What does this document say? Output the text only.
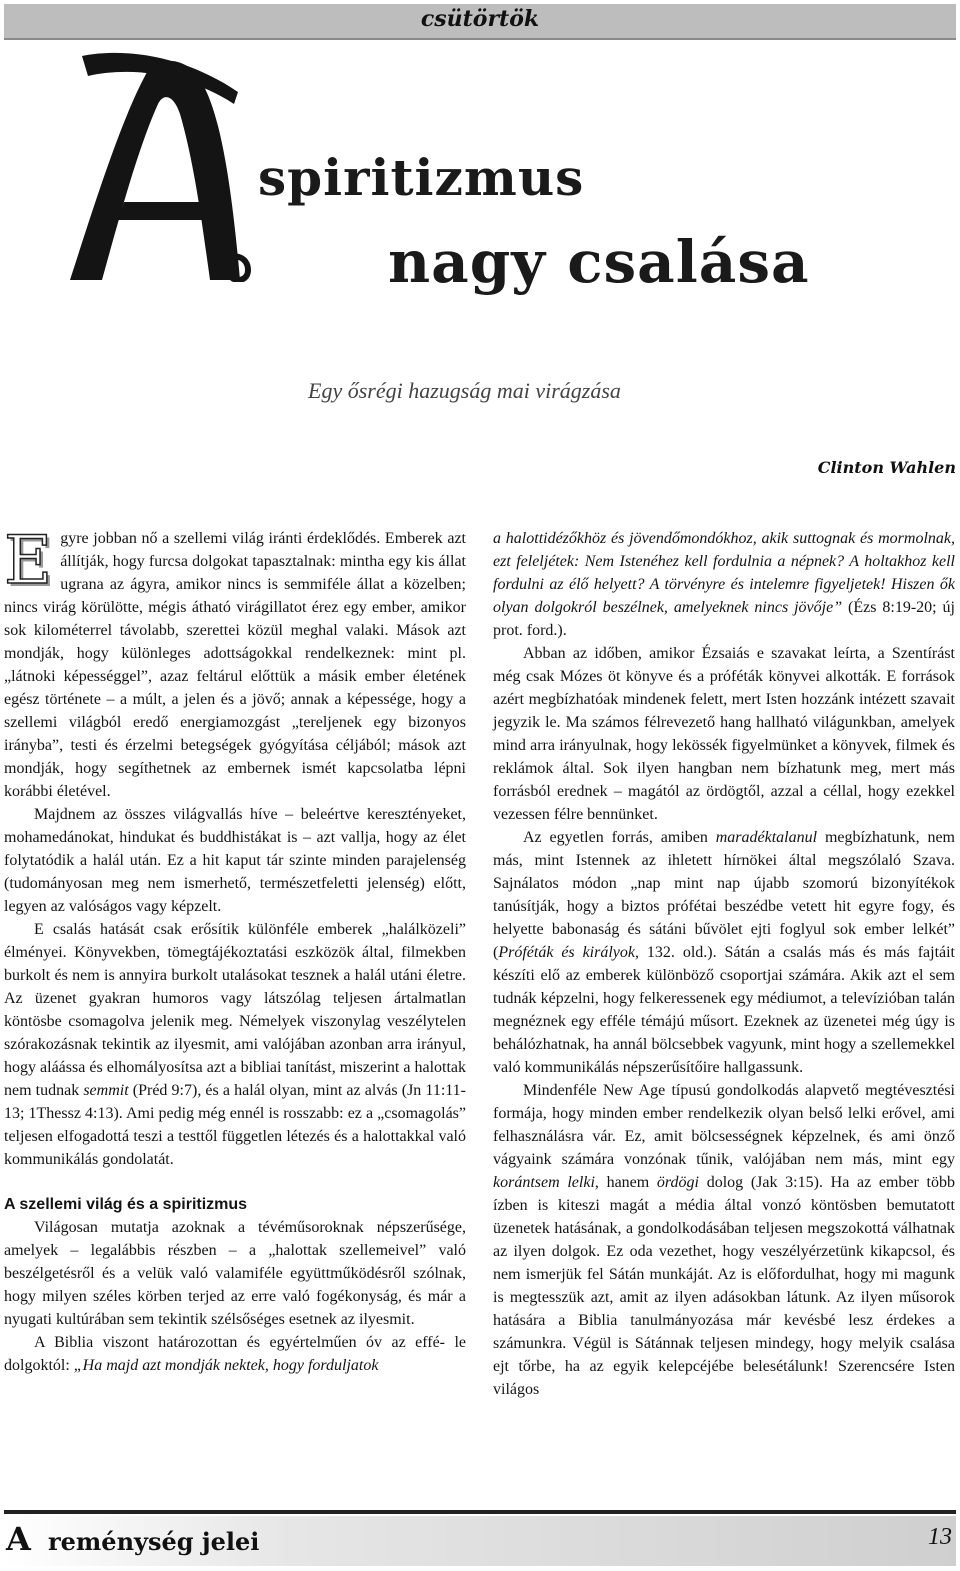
csütörtök
spiritizmus
nagy csalása
Egy ősrégi hazugság mai virágzása
Clinton Wahlen

Egyre jobban nő a szellemi világ iránti érdeklődés. Emberek azt állítják, hogy furcsa dolgokat tapasztalnak: mintha egy kis állat ugrana az ágyra, amikor nincs is semmiféle állat a közelben; nincs virág körülötte, mégis átható virágillatot érez egy ember, amikor sok kilométerrel távolabb, szerettei közül meghal valaki. Mások azt mondják, hogy különleges adottságokkal rendelkeznek: mint pl. „látnoki képességgel”, azaz feltárul előttük a másik ember életének egész története – a múlt, a jelen és a jövő; annak a képessége, hogy a szellemi világból eredő energiamozgást „tereljenek egy bizonyos irányba”, testi és érzelmi betegségek gyógyítása céljából; mások azt mondják, hogy segíthetnek az embernek ismét kapcsolatba lépni korábbi életével.

Majdnem az összes világvallás híve – beleértve keresztényeket, mohamedánokat, hindukat és buddhistákat is – azt vallja, hogy az élet folytatódik a halál után. Ez a hit kaput tár szinte minden parajelenség (tudományosan meg nem ismerhető, természetfeletti jelenség) előtt, legyen az valóságos vagy képzelt.

E csalás hatását csak erősítik különféle emberek „halálközeli” élményei. Könyvekben, tömegtájékoztatási eszközök által, filmekben burkolt és nem is annyira burkolt utalásokat tesznek a halál utáni életre. Az üzenet gyakran humoros vagy látszólag teljesen ártalmatlan köntösbe csomagolva jelenik meg. Némelyek viszonylag veszélytelen szórakozásnak tekintik az ilyesmit, ami valójában azonban arra irányul, hogy aláássa és elhomályosítsa azt a bibliai tanítást, miszerint a halottak nem tudnak semmit (Préd 9:7), és a halál olyan, mint az alvás (Jn 11:11-13; 1Thessz 4:13). Ami pedig még ennél is rosszabb: ez a „csomagolás” teljesen elfogadottá teszi a testtől független létezés és a halottakkal való kommunikálás gondolatát.

A szellemi világ és a spiritizmus

Világosan mutatja azoknak a tévéműsoroknak népszerűsége, amelyek – legalábbis részben – a „halottak szellemeivel” való beszélgetésről és a velük való valamiféle együttműködésről szólnak, hogy milyen széles körben terjed az erre való fogékonyság, és már a nyugati kultúrában sem tekintik szélsőséges esetnek az ilyesmit.

A Biblia viszont határozottan és egyértelműen óv az effé- le dolgoktól: „Ha majd azt mondják nektek, hogy forduljatok

a halottidézőkhöz és jövendőmondókhoz, akik suttognak és mormolnak, ezt feleljétek: Nem Istenéhez kell fordulnia a népnek? A holtakhoz kell fordulni az élő helyett? A törvényre és intelemre figyeljetek! Hiszen ők olyan dolgokról beszélnek, amelyeknek nincs jövője” (Ézs 8:19-20; új prot. ford.).

Abban az időben, amikor Ézsaiás e szavakat leírta, a Szentírást még csak Mózes öt könyve és a próféták könyvei alkották. E források azért megbízhatóak mindenek felett, mert Isten hozzánk intézett szavait jegyzik le. Ma számos félrevezető hang hallható világunkban, amelyek mind arra irányulnak, hogy lekössék figyelmünket a könyvek, filmek és reklámok által. Sok ilyen hangban nem bízhatunk meg, mert más forrásból erednek – magától az ördögtől, azzal a céllal, hogy ezekkel vezessen félre bennünket.

Az egyetlen forrás, amiben maradéktalanul megbízhatunk, nem más, mint Istennek az ihletett hírnökei által megszólaló Szava. Sajnálatos módon „nap mint nap újabb szomorú bizonyítékok tanúsítják, hogy a biztos prófétai beszédbe vetett hit egyre fogy, és helyette babonaság és sátáni bűvölet ejti foglyul sok ember lelkét” (Próféták és királyok, 132. old.). Sátán a csalás más és más fajtáit készíti elő az emberek különböző csoportjai számára. Akik azt el sem tudnák képzelni, hogy felkeressenek egy médiumot, a televízióban talán megnéznek egy efféle témájú műsort. Ezeknek az üzenetei még úgy is behálózhatnak, ha annál bölcsebbek vagyunk, mint hogy a szellemekkel való kommunikálás népszerűsítőire hallgassunk.

Mindenféle New Age típusú gondolkodás alapvető megtévesztési formája, hogy minden ember rendelkezik olyan belső lelki erővel, ami felhasználásra vár. Ez, amit bölcsességnek képzelnek, és ami önző vágyaink számára vonzónak tűnik, valójában nem más, mint egy korántsem lelki, hanem ördögi dolog (Jak 3:15). Ha az ember több ízben is kiteszi magát a média által vonzó köntösben bemutatott üzenetek hatásának, a gondolkodásában teljesen megszokottá válhatnak az ilyen dolgok. Ez oda vezethet, hogy veszélyérzetünk kikapcsol, és nem ismerjük fel Sátán munkáját. Az is előfordulhat, hogy mi magunk is megtesszük azt, amit az ilyen adásokban látunk. Az ilyen műsorok hatására a Biblia tanulmányozása már kevésbé lesz érdekes a számunkra. Végül is Sátánnak teljesen mindegy, hogy melyik csalása ejt tőrbe, ha az egyik kelepcéjébe belesétálunk! Szerencsére Isten világos

A reménység jelei	13
